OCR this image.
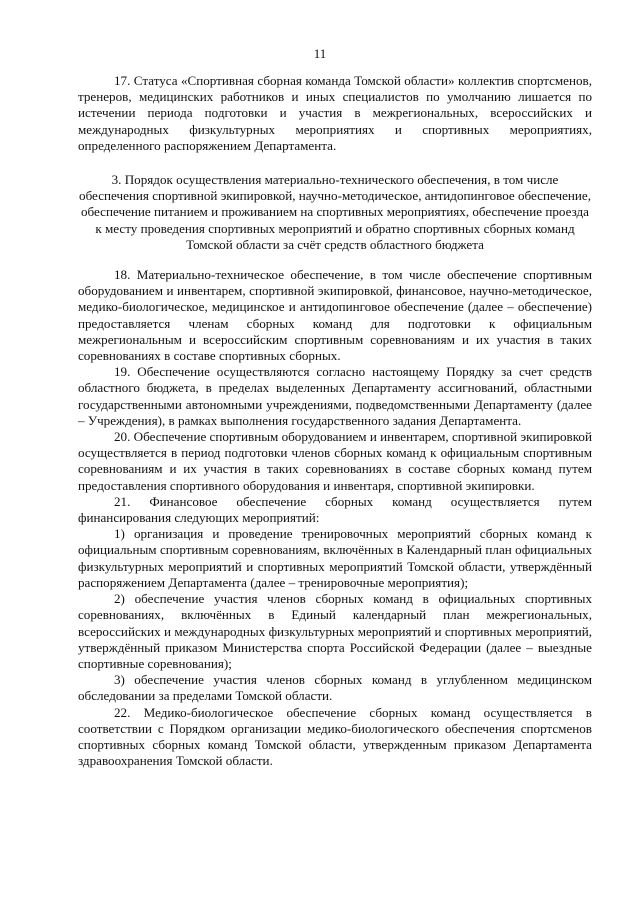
11

17. Статуса «Спортивная сборная команда Томской области» коллектив спортсменов, тренеров, медицинских работников и иных специалистов по умолчанию лишается по истечении периода подготовки и участия в межрегиональных, всероссийских и международных физкультурных мероприятиях и спортивных мероприятиях, определенного распоряжением Департамента.

3. Порядок осуществления материально-технического обеспечения, в том числе обеспечения спортивной экипировкой, научно-методическое, антидопинговое обеспечение, обеспечение питанием и проживанием на спортивных мероприятиях, обеспечение проезда к месту проведения спортивных мероприятий и обратно спортивных сборных команд Томской области за счёт средств областного бюджета

18. Материально-техническое обеспечение, в том числе обеспечение спортивным оборудованием и инвентарем, спортивной экипировкой, финансовое, научно-методическое, медико-биологическое, медицинское и антидопинговое обеспечение (далее – обеспечение) предоставляется членам сборных команд для подготовки к официальным межрегиональным и всероссийским спортивным соревнованиям и их участия в таких соревнованиях в составе спортивных сборных.

19. Обеспечение осуществляются согласно настоящему Порядку за счет средств областного бюджета, в пределах выделенных Департаменту ассигнований, областными государственными автономными учреждениями, подведомственными Департаменту (далее – Учреждения), в рамках выполнения государственного задания Департамента.

20. Обеспечение спортивным оборудованием и инвентарем, спортивной экипировкой осуществляется в период подготовки членов сборных команд к официальным спортивным соревнованиям и их участия в таких соревнованиях в составе сборных команд путем предоставления спортивного оборудования и инвентаря, спортивной экипировки.

21. Финансовое обеспечение сборных команд осуществляется путем финансирования следующих мероприятий:

1) организация и проведение тренировочных мероприятий сборных команд к официальным спортивным соревнованиям, включённых в Календарный план официальных физкультурных мероприятий и спортивных мероприятий Томской области, утверждённый распоряжением Департамента (далее – тренировочные мероприятия);

2) обеспечение участия членов сборных команд в официальных спортивных соревнованиях, включённых в Единый календарный план межрегиональных, всероссийских и международных физкультурных мероприятий и спортивных мероприятий, утверждённый приказом Министерства спорта Российской Федерации (далее – выездные спортивные соревнования);

3) обеспечение участия членов сборных команд в углубленном медицинском обследовании за пределами Томской области.

22. Медико-биологическое обеспечение сборных команд осуществляется в соответствии с Порядком организации медико-биологического обеспечения спортсменов спортивных сборных команд Томской области, утвержденным приказом Департамента здравоохранения Томской области.
